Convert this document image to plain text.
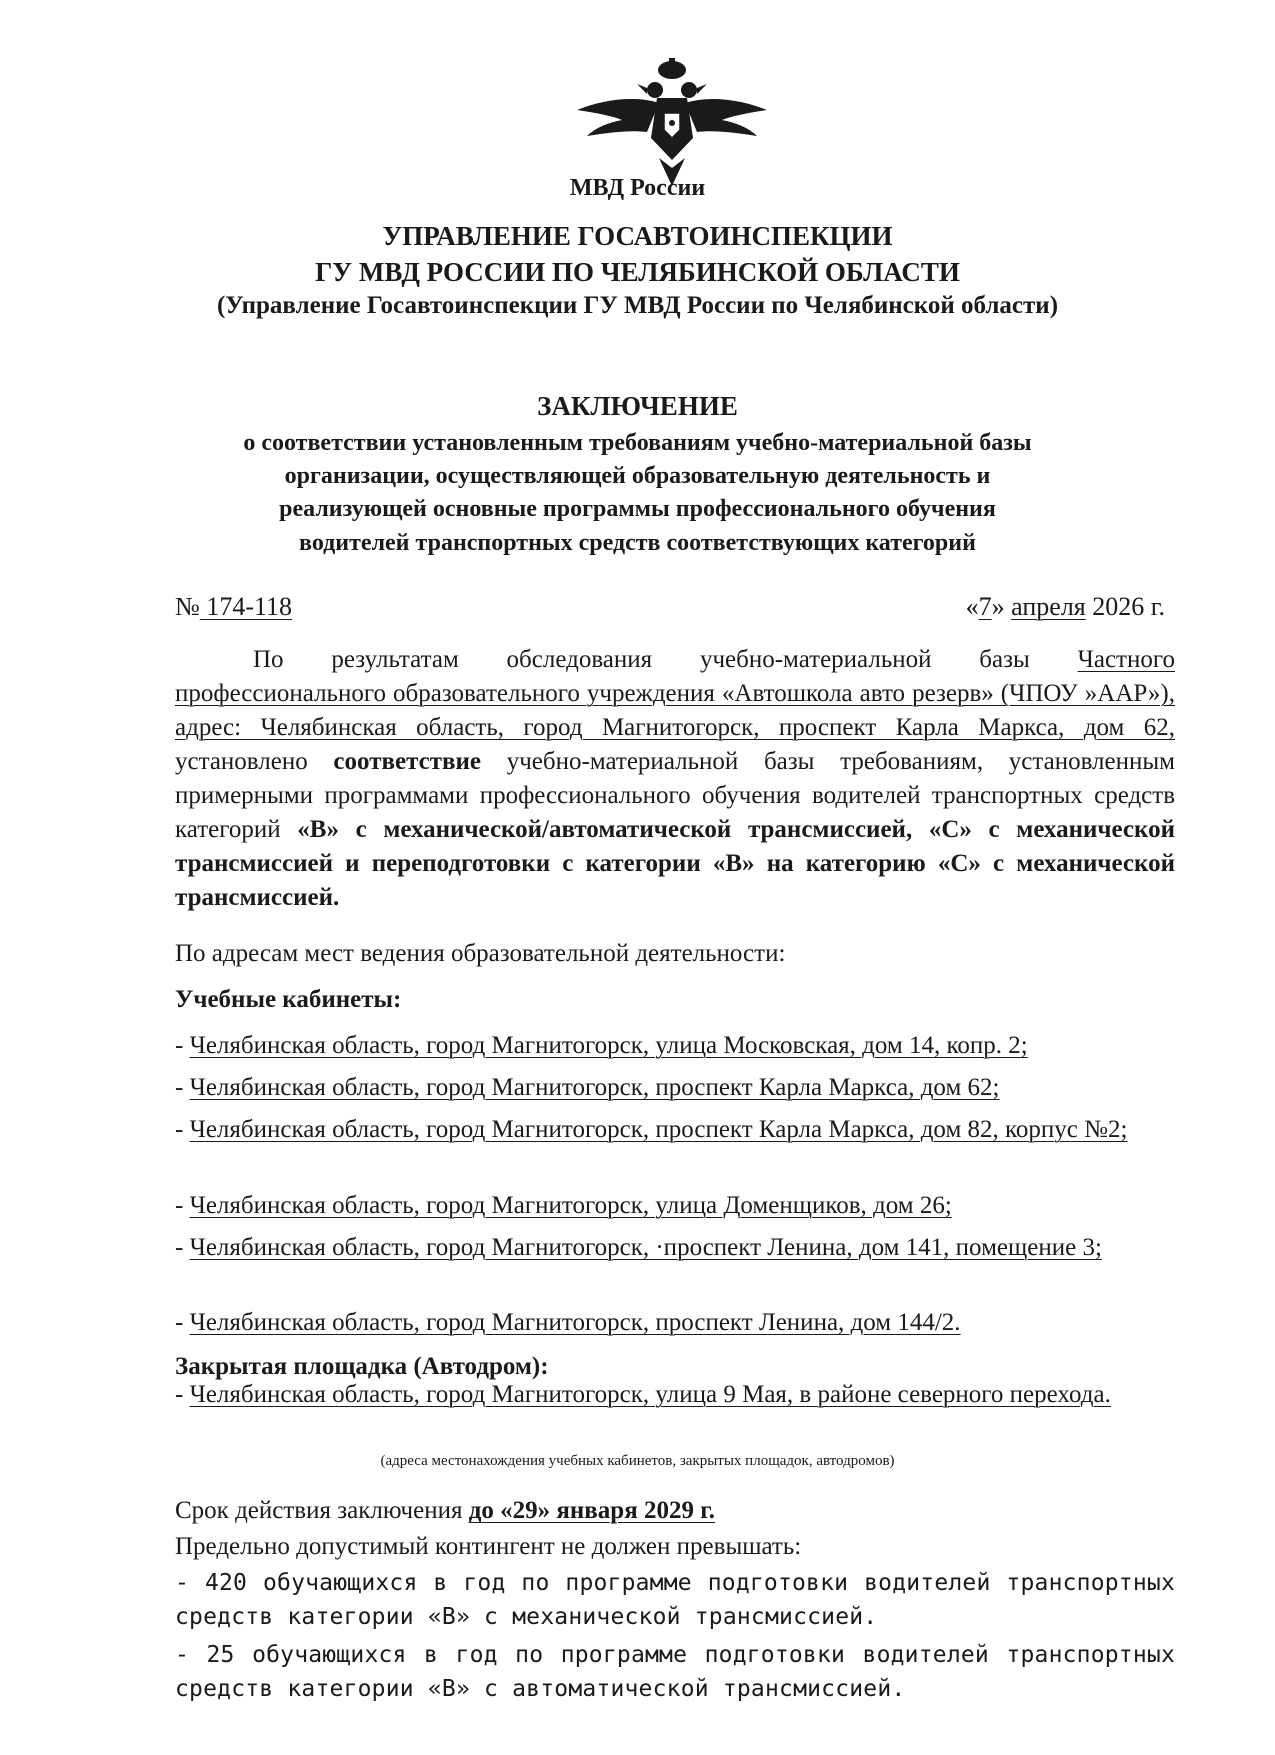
МВД России
УПРАВЛЕНИЕ ГОСАВТОИНСПЕКЦИИ
ГУ МВД РОССИИ ПО ЧЕЛЯБИНСКОЙ ОБЛАСТИ
(Управление Госавтоинспекции ГУ МВД России по Челябинской области)
ЗАКЛЮЧЕНИЕ
о соответствии установленным требованиям учебно-материальной базы
организации, осуществляющей образовательную деятельность и
реализующей основные программы профессионального обучения
водителей транспортных средств соответствующих категорий
№ 174-118	«7» апреля 2026 г.
По результатам обследования учебно-материальной базы Частного профессионального образовательного учреждения «Автошкола авто резерв» (ЧПОУ »ААР»), адрес: Челябинская область, город Магнитогорск, проспект Карла Маркса, дом 62, установлено соответствие учебно-материальной базы требованиям, установленным примерными программами профессионального обучения водителей транспортных средств категорий «В» с механической/автоматической трансмиссией, «С» с механической трансмиссией и переподготовки с категории «В» на категорию «С» с механической трансмиссией.
По адресам мест ведения образовательной деятельности:
Учебные кабинеты:
- Челябинская область, город Магнитогорск, улица Московская, дом 14, копр. 2;
- Челябинская область, город Магнитогорск, проспект Карла Маркса, дом 62;
- Челябинская область, город Магнитогорск, проспект Карла Маркса, дом 82, корпус №2;
- Челябинская область, город Магнитогорск, улица Доменщиков, дом 26;
- Челябинская область, город Магнитогорск, ·проспект Ленина, дом 141, помещение 3;
- Челябинская область, город Магнитогорск, проспект Ленина, дом 144/2.
Закрытая площадка (Автодром):
- Челябинская область, город Магнитогорск, улица 9 Мая, в районе северного перехода.
(адреса местонахождения учебных кабинетов, закрытых площадок, автодромов)
Срок действия заключения до «29» января 2029 г.
Предельно допустимый контингент не должен превышать:
- 420 обучающихся в год по программе подготовки водителей транспортных средств категории «В» с механической трансмиссией.
- 25 обучающихся в год по программе подготовки водителей транспортных средств категории «В» с автоматической трансмиссией.
